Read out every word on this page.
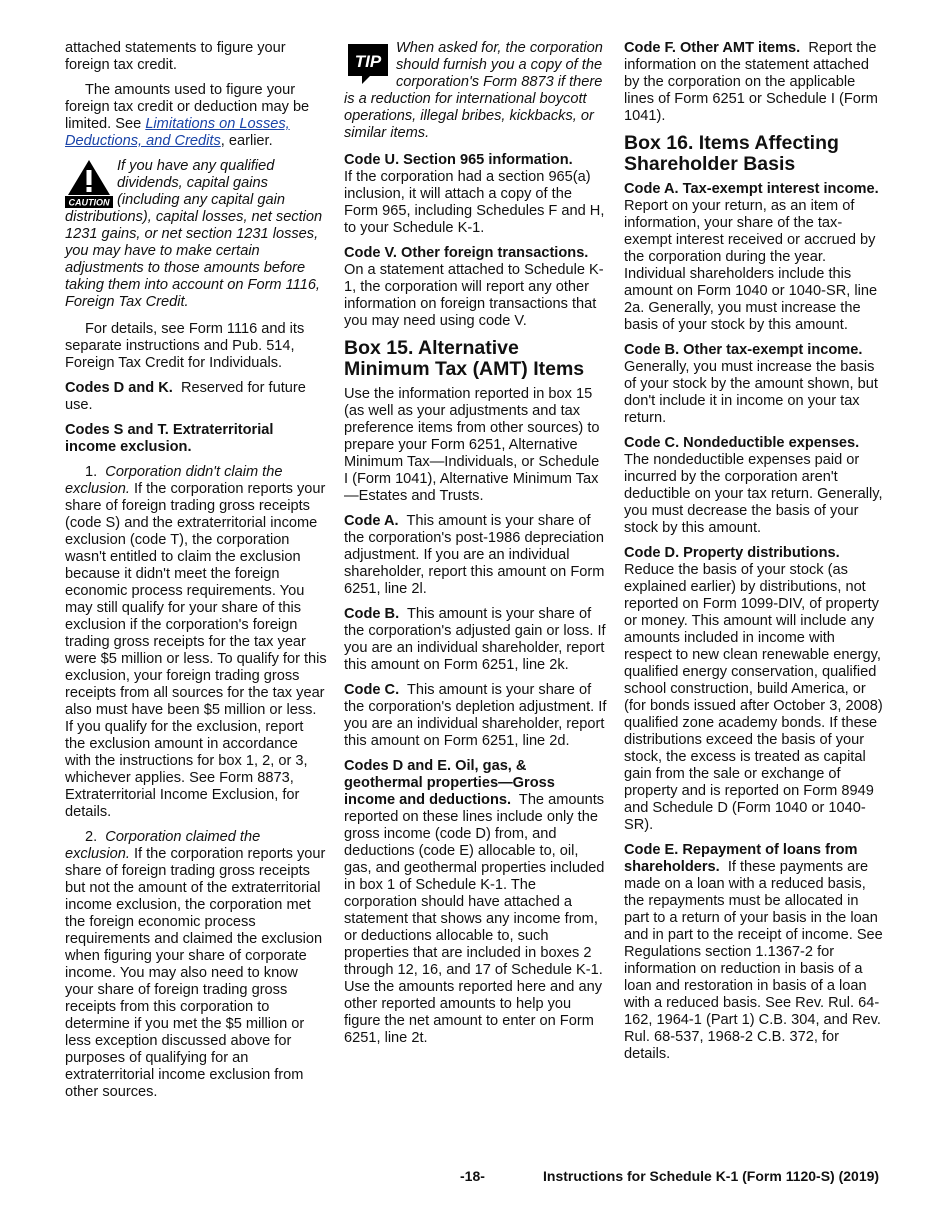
attached statements to figure your foreign tax credit.

The amounts used to figure your foreign tax credit or deduction may be limited. See Limitations on Losses, Deductions, and Credits, earlier.

CAUTION
If you have any qualified dividends, capital gains (including any capital gain distributions), capital losses, net section 1231 gains, or net section 1231 losses, you may have to make certain adjustments to those amounts before taking them into account on Form 1116, Foreign Tax Credit.

For details, see Form 1116 and its separate instructions and Pub. 514, Foreign Tax Credit for Individuals.

Codes D and K. Reserved for future use.

Codes S and T. Extraterritorial income exclusion.

1. Corporation didn't claim the exclusion. If the corporation reports your share of foreign trading gross receipts (code S) and the extraterritorial income exclusion (code T), the corporation wasn't entitled to claim the exclusion because it didn't meet the foreign economic process requirements. You may still qualify for your share of this exclusion if the corporation's foreign trading gross receipts for the tax year were $5 million or less. To qualify for this exclusion, your foreign trading gross receipts from all sources for the tax year also must have been $5 million or less. If you qualify for the exclusion, report the exclusion amount in accordance with the instructions for box 1, 2, or 3, whichever applies. See Form 8873, Extraterritorial Income Exclusion, for details.

2. Corporation claimed the exclusion. If the corporation reports your share of foreign trading gross receipts but not the amount of the extraterritorial income exclusion, the corporation met the foreign economic process requirements and claimed the exclusion when figuring your share of corporate income. You may also need to know your share of foreign trading gross receipts from this corporation to determine if you met the $5 million or less exception discussed above for purposes of qualifying for an extraterritorial income exclusion from other sources.

TIP
When asked for, the corporation should furnish you a copy of the corporation's Form 8873 if there is a reduction for international boycott operations, illegal bribes, kickbacks, or similar items.

Code U. Section 965 information.
If the corporation had a section 965(a) inclusion, it will attach a copy of the Form 965, including Schedules F and H, to your Schedule K-1.

Code V. Other foreign transactions.  On a statement attached to Schedule K-1, the corporation will report any other information on foreign transactions that you may need using code V.

Box 15. Alternative Minimum Tax (AMT) Items

Use the information reported in box 15 (as well as your adjustments and tax preference items from other sources) to prepare your Form 6251, Alternative Minimum Tax—Individuals, or Schedule I (Form 1041), Alternative Minimum Tax—Estates and Trusts.

Code A. This amount is your share of the corporation's post-1986 depreciation adjustment. If you are an individual shareholder, report this amount on Form 6251, line 2l.

Code B. This amount is your share of the corporation's adjusted gain or loss. If you are an individual shareholder, report this amount on Form 6251, line 2k.

Code C. This amount is your share of the corporation's depletion adjustment. If you are an individual shareholder, report this amount on Form 6251, line 2d.

Codes D and E. Oil, gas, & geothermal properties—Gross income and deductions. The amounts reported on these lines include only the gross income (code D) from, and deductions (code E) allocable to, oil, gas, and geothermal properties included in box 1 of Schedule K-1. The corporation should have attached a statement that shows any income from, or deductions allocable to, such properties that are included in boxes 2 through 12, 16, and 17 of Schedule K-1. Use the amounts reported here and any other reported amounts to help you figure the net amount to enter on Form 6251, line 2t.

Code F. Other AMT items. Report the information on the statement attached by the corporation on the applicable lines of Form 6251 or Schedule I (Form 1041).

Box 16. Items Affecting Shareholder Basis

Code A. Tax-exempt interest income.  Report on your return, as an item of information, your share of the tax-exempt interest received or accrued by the corporation during the year. Individual shareholders include this amount on Form 1040 or 1040-SR, line 2a. Generally, you must increase the basis of your stock by this amount.

Code B. Other tax-exempt income.
Generally, you must increase the basis of your stock by the amount shown, but don't include it in income on your tax return.

Code C. Nondeductible expenses.
The nondeductible expenses paid or incurred by the corporation aren't deductible on your tax return. Generally, you must decrease the basis of your stock by this amount.

Code D. Property distributions.
Reduce the basis of your stock (as explained earlier) by distributions, not reported on Form 1099-DIV, of property or money. This amount will include any amounts included in income with respect to new clean renewable energy, qualified energy conservation, qualified school construction, build America, or (for bonds issued after October 3, 2008) qualified zone academy bonds. If these distributions exceed the basis of your stock, the excess is treated as capital gain from the sale or exchange of property and is reported on Form 8949 and Schedule D (Form 1040 or 1040-SR).

Code E. Repayment of loans from shareholders. If these payments are made on a loan with a reduced basis, the repayments must be allocated in part to a return of your basis in the loan and in part to the receipt of income. See Regulations section 1.1367-2 for information on reduction in basis of a loan and restoration in basis of a loan with a reduced basis. See Rev. Rul. 64-162, 1964-1 (Part 1) C.B. 304, and Rev. Rul. 68-537, 1968-2 C.B. 372, for details.

-18-	Instructions for Schedule K-1 (Form 1120-S) (2019)
